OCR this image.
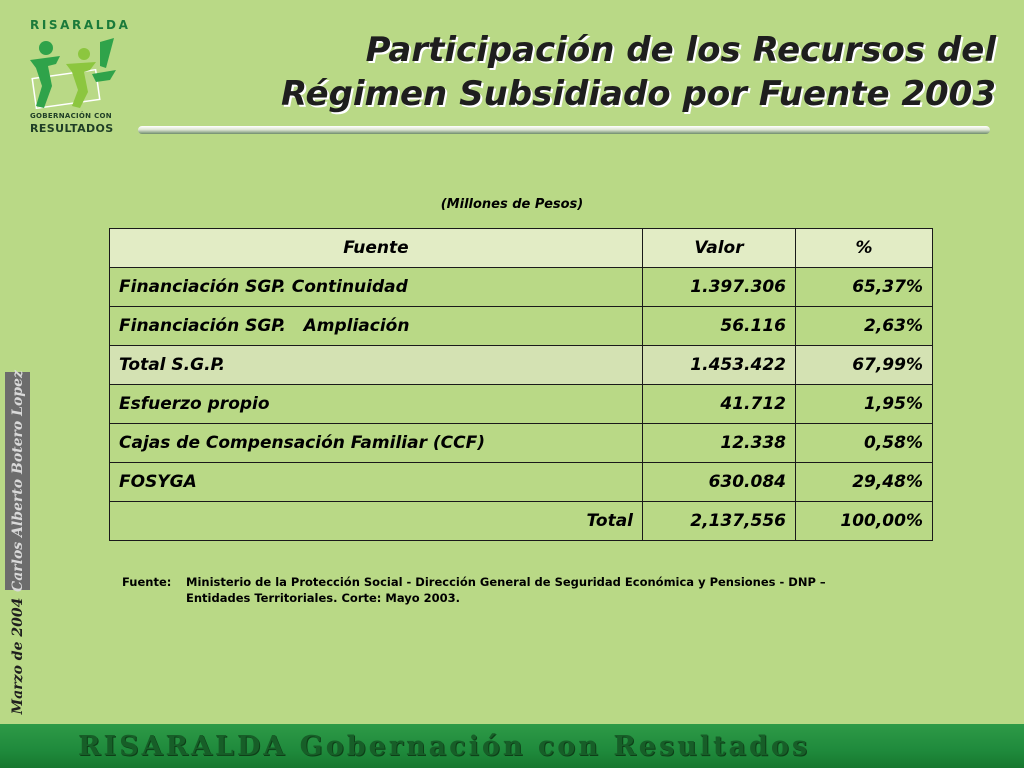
RISARALDA
GOBERNACIÓN CON
RESULTADOS
Participación de los Recursos del
Régimen Subsidiado por Fuente 2003
Carlos Alberto Botero Lopez
Marzo de 2004
(Millones de Pesos)
Fuente	Valor	%
Financiación SGP. Continuidad	1.397.306	65,37%
Financiación SGP.   Ampliación	56.116	2,63%
Total S.G.P.	1.453.422	67,99%
Esfuerzo propio	41.712	1,95%
Cajas de Compensación Familiar (CCF)	12.338	0,58%
FOSYGA	630.084	29,48%
Total	2,137,556	100,00%
Fuente: Ministerio de la Protección Social - Dirección General de Seguridad Económica y Pensiones - DNP –
Entidades Territoriales. Corte: Mayo 2003.
RISARALDA Gobernación con Resultados
